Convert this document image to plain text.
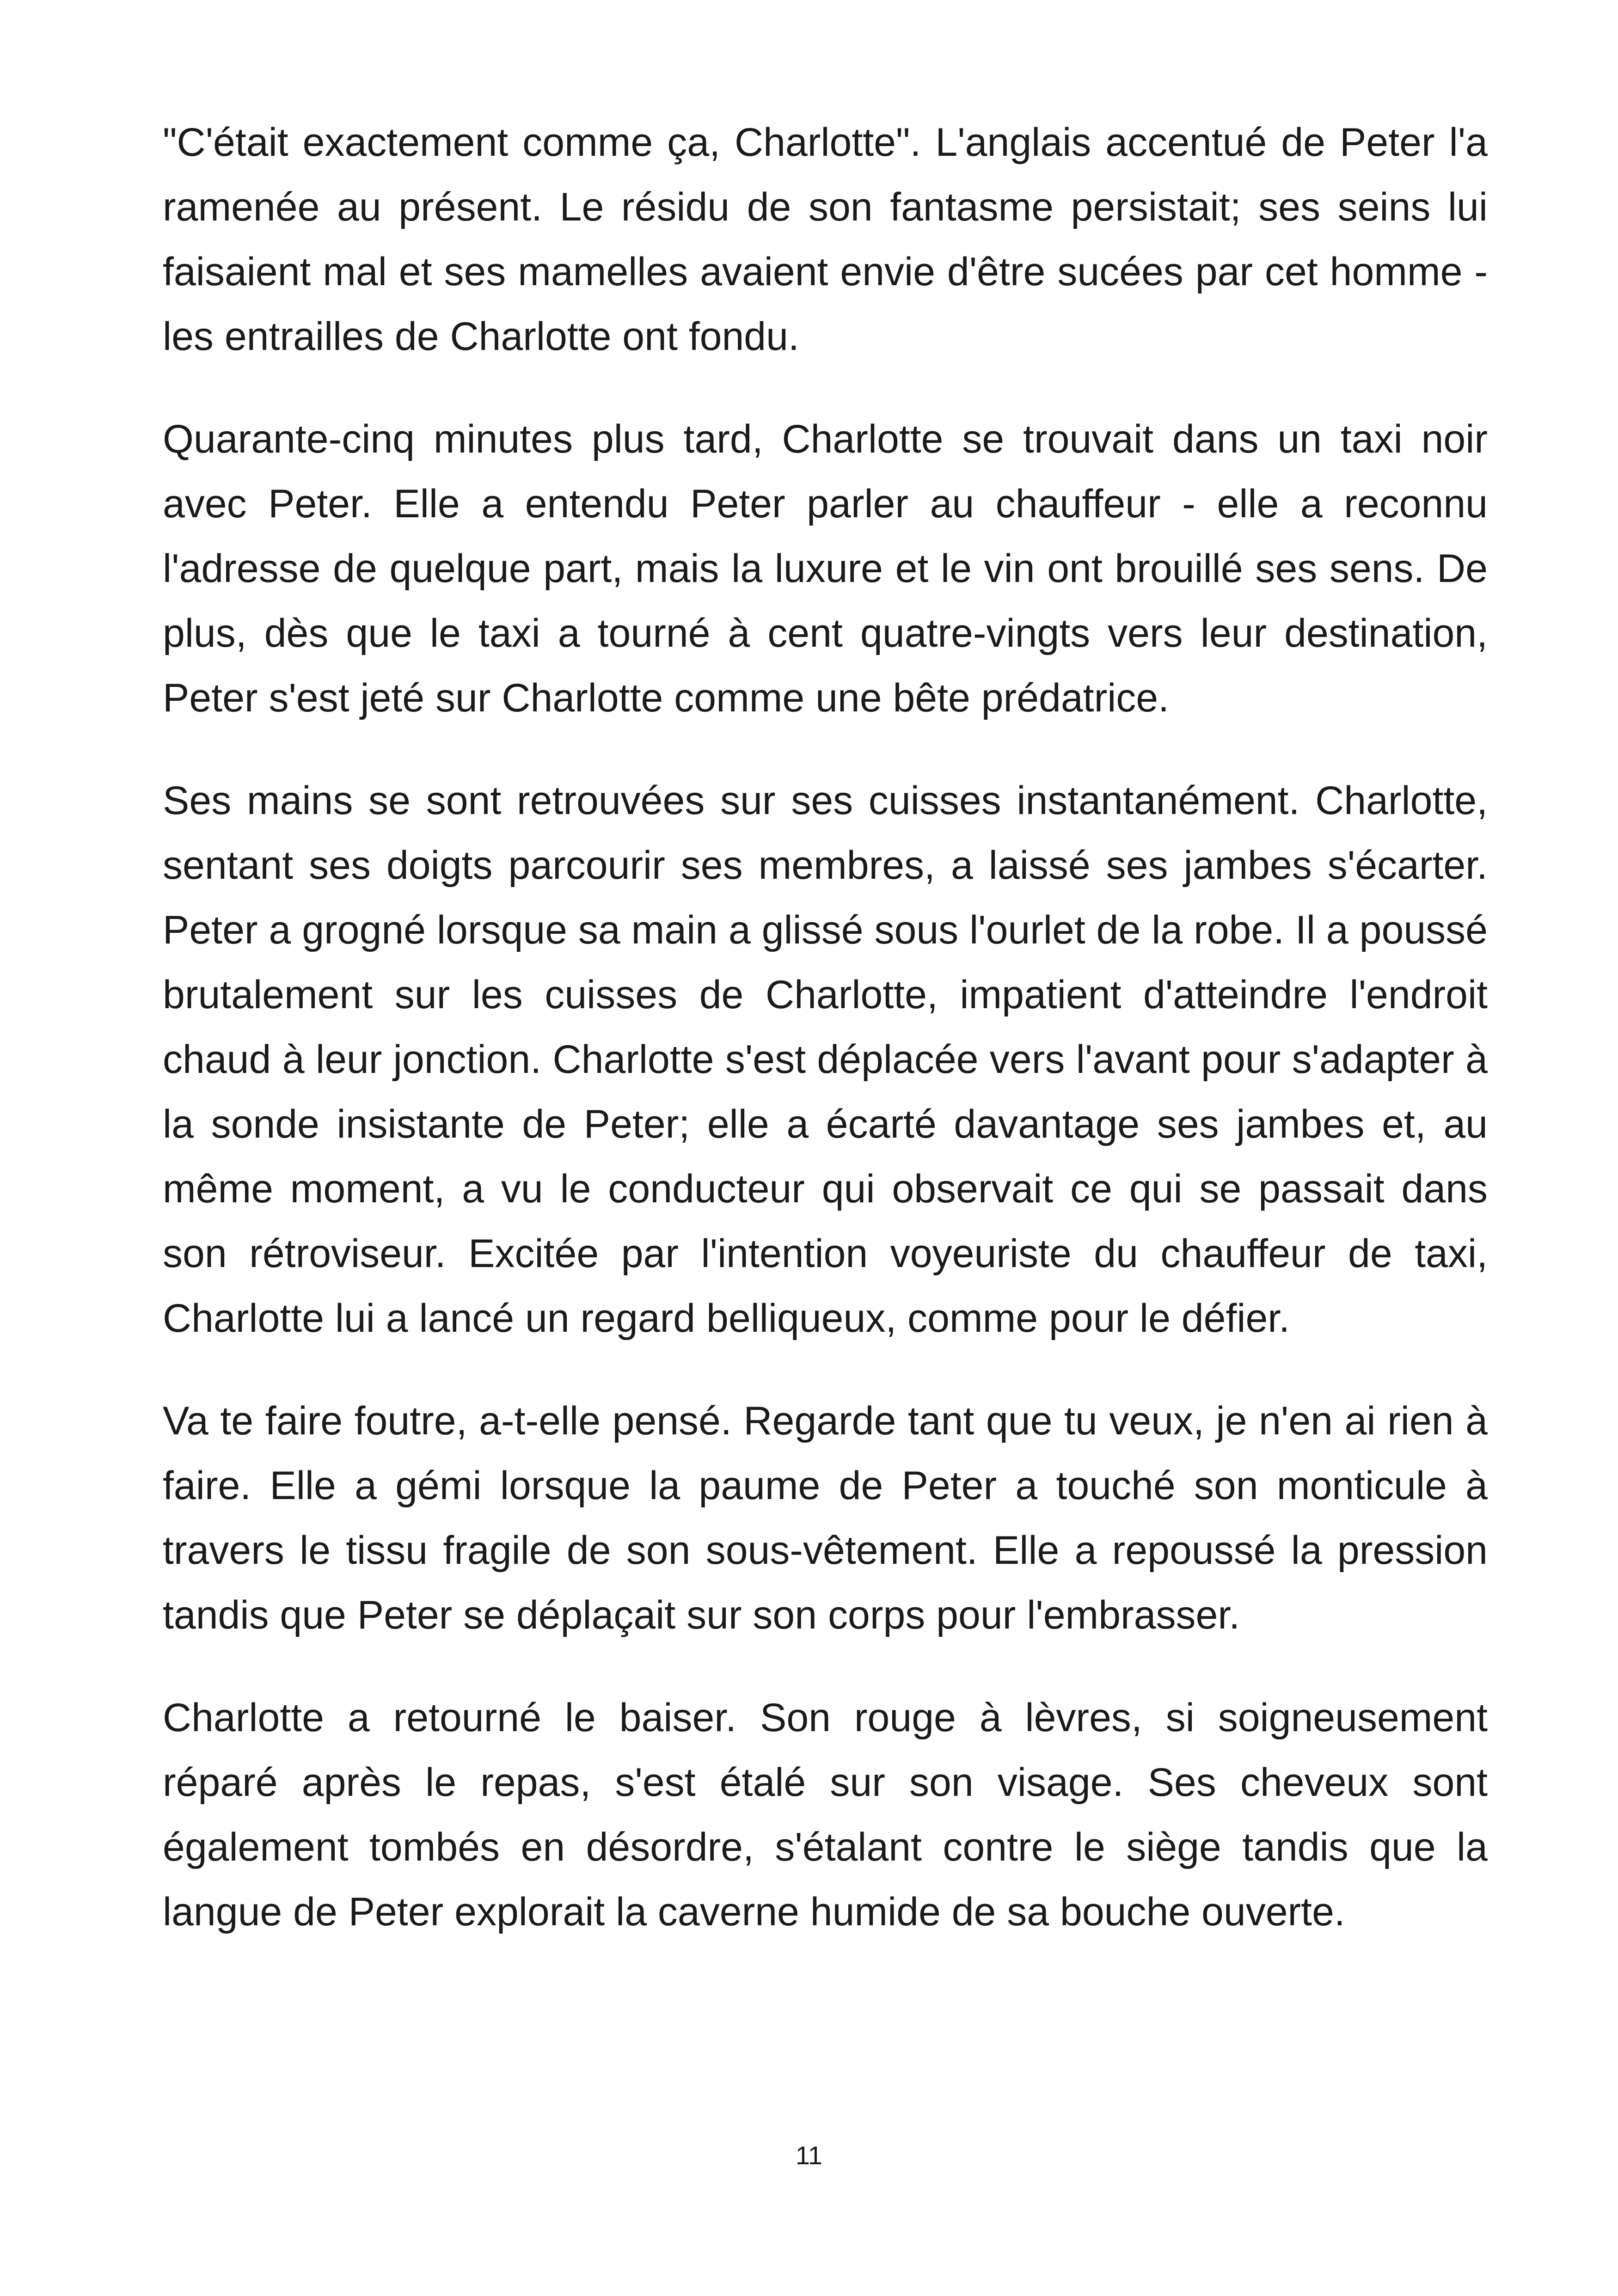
"C'était exactement comme ça, Charlotte". L'anglais accentué de Peter l'a ramenée au présent. Le résidu de son fantasme persistait; ses seins lui faisaient mal et ses mamelles avaient envie d'être sucées par cet homme - les entrailles de Charlotte ont fondu.

Quarante-cinq minutes plus tard, Charlotte se trouvait dans un taxi noir avec Peter. Elle a entendu Peter parler au chauffeur - elle a reconnu l'adresse de quelque part, mais la luxure et le vin ont brouillé ses sens. De plus, dès que le taxi a tourné à cent quatre-vingts vers leur destination, Peter s'est jeté sur Charlotte comme une bête prédatrice.

Ses mains se sont retrouvées sur ses cuisses instantanément. Charlotte, sentant ses doigts parcourir ses membres, a laissé ses jambes s'écarter. Peter a grogné lorsque sa main a glissé sous l'ourlet de la robe. Il a poussé brutalement sur les cuisses de Charlotte, impatient d'atteindre l'endroit chaud à leur jonction. Charlotte s'est déplacée vers l'avant pour s'adapter à la sonde insistante de Peter; elle a écarté davantage ses jambes et, au même moment, a vu le conducteur qui observait ce qui se passait dans son rétroviseur. Excitée par l'intention voyeuriste du chauffeur de taxi, Charlotte lui a lancé un regard belliqueux, comme pour le défier.

Va te faire foutre, a-t-elle pensé. Regarde tant que tu veux, je n'en ai rien à faire. Elle a gémi lorsque la paume de Peter a touché son monticule à travers le tissu fragile de son sous-vêtement. Elle a repoussé la pression tandis que Peter se déplaçait sur son corps pour l'embrasser.

Charlotte a retourné le baiser. Son rouge à lèvres, si soigneusement réparé après le repas, s'est étalé sur son visage. Ses cheveux sont également tombés en désordre, s'étalant contre le siège tandis que la langue de Peter explorait la caverne humide de sa bouche ouverte.

11
